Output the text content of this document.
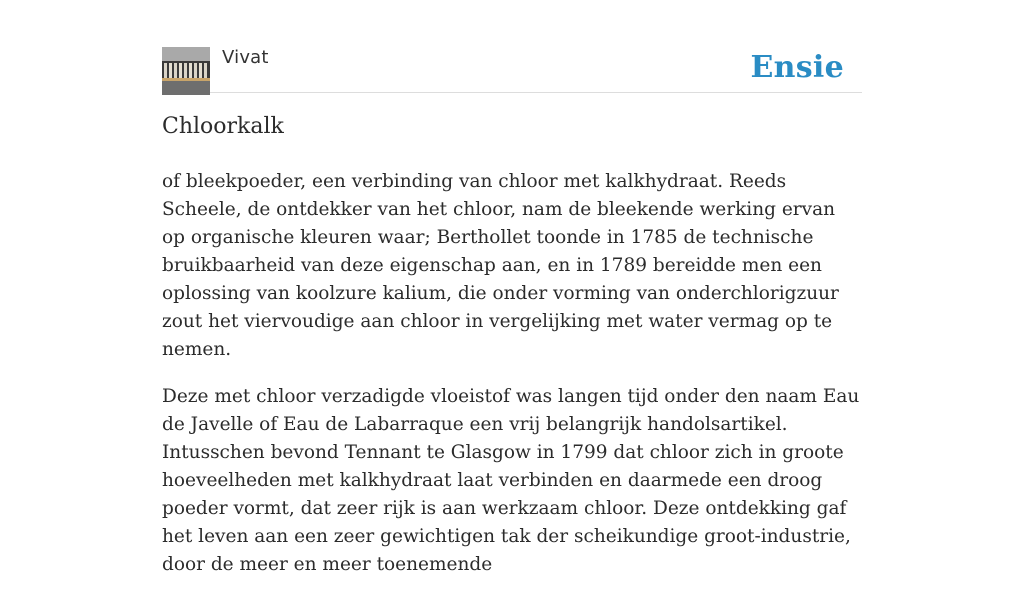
Vivat	Ensie
Chloorkalk

of bleekpoeder, een verbinding van chloor met kalkhydraat. Reeds Scheele, de ontdekker van het chloor, nam de bleekende werking ervan op organische kleuren waar; Berthollet toonde in 1785 de technische bruikbaarheid van deze eigenschap aan, en in 1789 bereidde men een oplossing van koolzure kalium, die onder vorming van onderchlorigzuur zout het viervoudige aan chloor in vergelijking met water vermag op te nemen.

Deze met chloor verzadigde vloeistof was langen tijd onder den naam Eau de Javelle of Eau de Labarraque een vrij belangrijk handolsartikel. Intusschen bevond Tennant te Glasgow in 1799 dat chloor zich in groote hoeveelheden met kalkhydraat laat verbinden en daarmede een droog poeder vormt, dat zeer rijk is aan werkzaam chloor. Deze ontdekking gaf het leven aan een zeer gewichtigen tak der scheikundige groot-industrie, door de meer en meer toenemende
